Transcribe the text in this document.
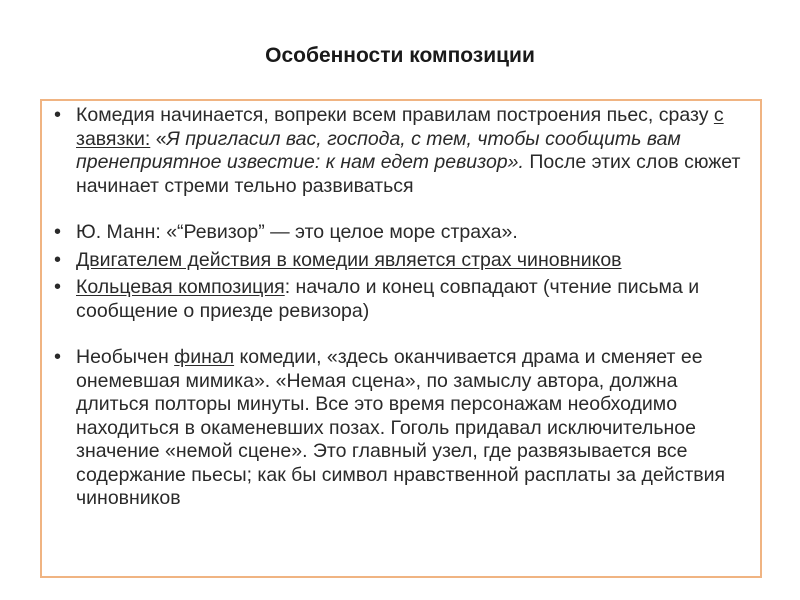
Особенности композиции
• Комедия начинается, вопреки всем правилам построения пьес, сразу с завязки: «Я пригласил вас, господа, с тем, чтобы сообщить вам пренеприятное известие: к нам едет ревизор». После этих слов сюжет начинает стреми тельно развиваться
• Ю. Манн: «“Ревизор” — это целое море страха».
• Двигателем действия в комедии является страх чиновников
• Кольцевая композиция: начало и конец совпадают (чтение письма и сообщение о приезде ревизора)
• Необычен финал комедии, «здесь оканчивается драма и сменяет ее онемевшая мимика». «Немая сцена», по замыслу автора, должна длиться полторы минуты. Все это время персонажам необходимо находиться в окаменевших позах. Гоголь придавал исключительное значение «немой сцене». Это главный узел, где развязывается все содержание пьесы; как бы символ нравственной расплаты за действия чиновников
